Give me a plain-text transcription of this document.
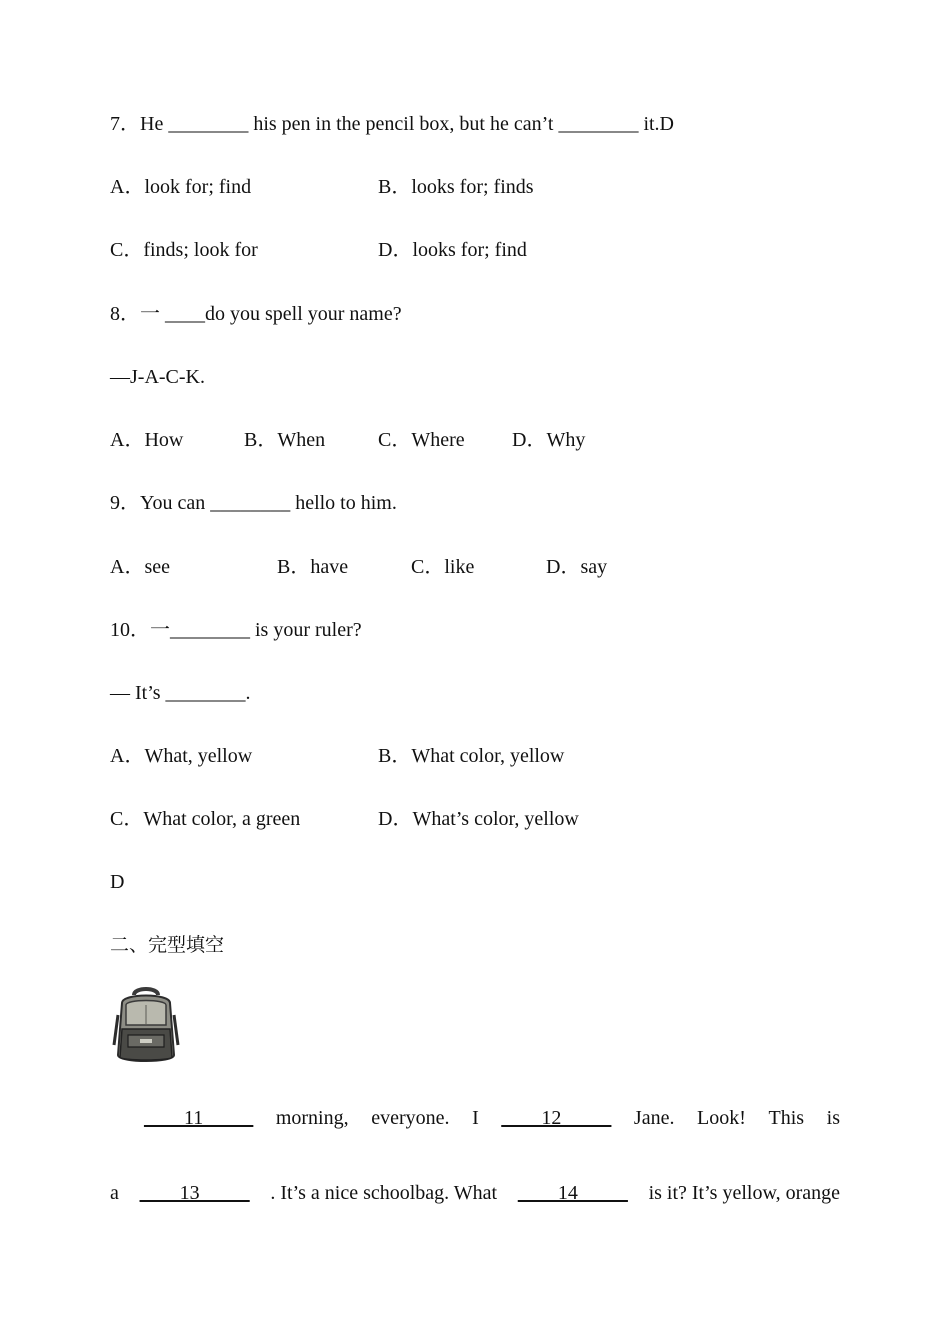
7．He ________ his pen in the pencil box, but he can’t ________ it.D
A．look for; find	B．looks for; finds
C．finds; look for	D．looks for; find
8．一 ____do you spell your name?
—J-A-C-K.
A．How	B．When	C．Where D．Why
9．You can ________ hello to him.
A．see	B．have	C．like	D．say
10．一________ is your ruler?
— It’s ________.
A．What, yellow	B．What color, yellow
C．What color, a green	D．What’s color, yellow
D
二、完型填空
____11_____ morning, everyone. I ____12_____ Jane. Look! This is
a ____13_____ . It’s a nice schoolbag. What ____14_____ is it? It’s yellow, orange
